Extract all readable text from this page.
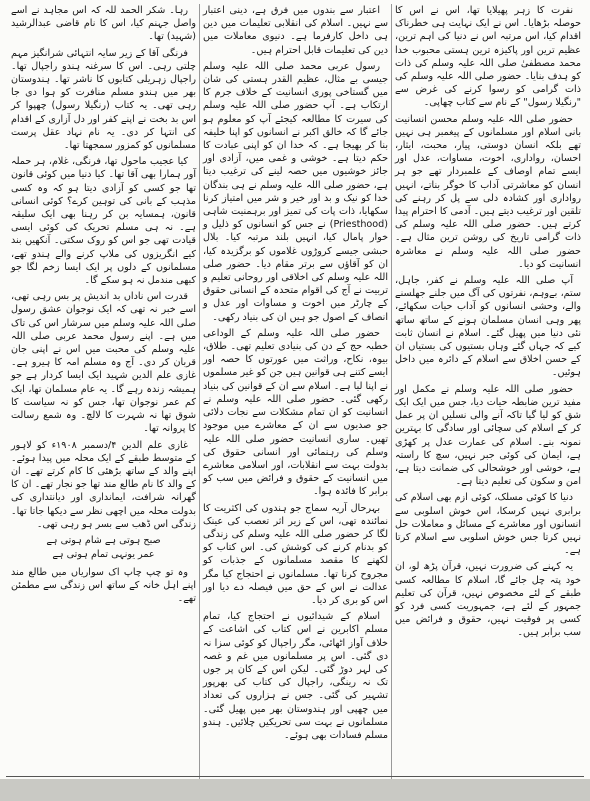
نفرت کا زہر پھیلایا تھا، اس نے اس کا حوصلہ بڑھایا۔ اس نے ایک نہایت ہی خطرناک اقدام کیا، اس مرتبہ اس نے دنیا کی اہم ترین، عظیم ترین اور پاکیزہ ترین ہستی محبوب خدا محمد مصطفیٰ صلی اللہ علیہ وسلم کی ذات کو ہدف بنایا۔ حضور صلی اللہ علیہ وسلم کی ذات گرامی کو رسوا کرنے کی غرض سے "رنگیلا رسول" کے نام سے کتاب چھاپی۔

حضور صلی اللہ علیہ وسلم محسن انسانیت بانی اسلام اور مسلمانوں کے پیغمبر ہی نہیں تھے بلکہ انسان دوستی، پیار، محبت، ایثار، احسان، رواداری، اخوت، مساوات، عدل اور ایسے تمام اوصاف کے علمبردار تھے جو ہر انسان کو معاشرتی آداب کا خوگر بناتے، انہیں رواداری اور کشادہ دلی سے پل کر رہنے کی تلقین اور ترغیب دیتے ہیں۔ آدمی کا احترام پیدا کرتے ہیں۔ حضور صلی اللہ علیہ وسلم کی ذات گرامی تاریخ کی روشن ترین مثال ہے۔ حضور صلی اللہ علیہ وسلم نے معاشرہ انسانیت کو دیا۔

آپ صلی اللہ علیہ وسلم نے کفر، جاہل، ستم، بےوہم، نفرتوں کی آگ میں جلنے جھلسنے والے، وحشی انسانوں کو آداب حیات سکھائے، پھر وہی انسان مسلمان ہونے کے ساتھ ساتھ نئی دنیا میں پھیل گئے۔ اسلام نے انسان ثابت کیے کہ جہاں گئے وہاں بستیوں کی بستیاں ان کے حسن اخلاق سے اسلام کے دائرہ میں داخل ہوئیں۔

حضور صلی اللہ علیہ وسلم نے مکمل اور مفید ترین ضابطہ حیات دیا، جس میں ایک ایک شق کو لیا گیا تاکہ آنے والی نسلیں ان پر عمل کر کے اسلام کی سچائی اور سادگی کا بہترین نمونہ بنے۔ اسلام کی عمارت عدل پر کھڑی ہے، ایمان کی کوئی جبر نہیں، سچ کا راستہ ہے، خوشی اور خوشحالی کی ضمانت دیتا ہے، امن و سکون کی تعلیم دیتا ہے۔

دنیا کا کوئی مسلک، کوئی ازم بھی اسلام کی برابری نہیں کرسکا، اس خوش اسلوبی سے انسانوں اور معاشرے کے مسائل و معاملات حل نہیں کرتا جس خوش اسلوبی سے اسلام کرتا ہے۔

یہ کہنے کی ضرورت نہیں، قرآن پڑھ لو، ان خود پتہ چل جائے گا، اسلام کا مطالعہ کسی طبقے کے لئے مخصوص نہیں، قرآن کی تعلیم جمہور کے لئے ہے، جمہوریت کسی فرد کو کسی پر فوقیت نہیں، حقوق و فرائض میں سب برابر ہیں۔

اعتبار سے بندوں میں فرق ہے، دینی اعتبار سے نہیں۔ اسلام کی انقلابی تعلیمات میں دین ہی داخل کارفرما ہے۔ دنیوی معاملات میں دین کی تعلیمات قابل احترام ہیں۔

رسول عربی محمد صلی اللہ علیہ وسلم جیسی بے مثال، عظیم القدر ہستی کی شان میں گستاخی پوری انسانیت کے خلاف جرم کا ارتکاب ہے۔ آپ حضور صلی اللہ علیہ وسلم کی سیرت کا مطالعہ کیجئے آپ کو معلوم ہو جائے گا کہ خالق اکبر نے انسانوں کو اپنا خلیفہ بنا کر بھیجا ہے۔ کہ خدا ان کو اپنی عبادت کا حکم دیتا ہے۔ خوشی و غمی میں، آزادی اور جائز خوشیوں میں حصہ لینے کی ترغیب دیتا ہے، حضور صلی اللہ علیہ وسلم نے ہی بندگان خدا کو نیک و بد اور خیر و شر میں امتیاز کرنا سکھایا، ذات پات کی تمیز اور برہمنیت شاہی (Priesthood) نے جس کو انسانوں کو ذلیل و خوار پامال کیا، انہیں بلند مرتبہ کیا۔ بلال حبشی جیسے کروڑوں غلاموں کو برگزیدہ کیا، ان کو آقاؤں سے برتر مقام دیا۔ حضور صلی اللہ علیہ وسلم کی اخلاقی اور روحانی تعلیم و تربیت نے آج کی اقوام متحدہ کے انسانی حقوق کے چارٹر میں اخوت و مساوات اور عدل و انصاف کے اصول جو ہیں ان کی بنیاد رکھی۔

حضور صلی اللہ علیہ وسلم کے الوداعی خطبہ حج کے دن کی بنیادی تعلیم تھی۔ طلاق، بیوہ، نکاح، وراثت میں عورتوں کا حصہ اور ایسے کتنے ہی قوانین ہیں جن کو غیر مسلموں نے اپنا لیا ہے۔ اسلام سے ان کے قوانین کی بنیاد رکھی گئی۔ حضور صلی اللہ علیہ وسلم نے انسانیت کو ان تمام مشکلات سے نجات دلائی جو صدیوں سے ان کے معاشرے میں موجود تھیں۔ ساری انسانیت حضور صلی اللہ علیہ وسلم کی رہنمائی اور انسانی حقوق کی بدولت بہت سے انقلابات، اور اسلامی معاشرے میں انسانیت کے حقوق و فرائض میں سب کو برابر کا فائدہ ہوا۔

بہرحال آریہ سماج جو ہندوں کی اکثریت کا نمائندہ تھی، اس کے زیر اثر تعصب کی عینک لگا کر حضور صلی اللہ علیہ وسلم کی زندگی کو بدنام کرنے کی کوشش کی۔ اس کتاب کو لکھنے کا مقصد مسلمانوں کے جذبات کو مجروح کرنا تھا۔ مسلمانوں نے احتجاج کیا مگر عدالت نے اس کے حق میں فیصلہ دے دیا اور اس کو بری کر دیا۔

اسلام کے شیدائیوں نے احتجاج کیا، تمام مسلم اکابرین نے اس کتاب کی اشاعت کے خلاف آواز اٹھائی، مگر راجپال کو کوئی سزا نہ دی گئی۔ اس پر مسلمانوں میں غم و غصہ کی لہر دوڑ گئی۔ لیکن اس کے کان پر جوں تک نہ رینگی، راجپال کی کتاب کی بھرپور تشہیر کی گئی۔ جس نے ہزاروں کی تعداد میں چھپی اور ہندوستان بھر میں پھیل گئی۔ مسلمانوں نے بہت سی تحریکیں چلائیں۔ ہندو مسلم فسادات بھی ہوئے۔

رہا۔ شکر الحمد للہ کہ اس مجاہد نے اسے واصل جہنم کیا، اس کا نام قاضی عبدالرشید (شہید) تھا۔

فرنگی آقا کے زیر سایہ انتہائی شرانگیز مہم چلتی رہی۔ اس کا سرغنہ ہندو راجپال تھا۔ راجپال زہریلی کتابوں کا ناشر تھا۔ ہندوستان بھر میں ہندو مسلم منافرت کو ہوا دی جا رہی تھی۔ یہ کتاب (رنگیلا رسول) چھپوا کر اس بد بخت نے اپنے کفر اور دل آزاری کے اقدام کی انتہا کر دی۔ یہ نام نہاد عقل پرست مسلمانوں کو کمزور سمجھتا تھا۔

کیا عجیب ماحول تھا، فرنگی، غلام، ہر حملہ آور ہمارا بھی آقا تھا۔ کیا دنیا میں کوئی قانون تھا جو کسی کو آزادی دیتا ہو کہ وہ کسی مذہب کے بانی کی توہین کرے؟ کوئی انسانی قانون، ہمسایہ بن کر رہنا بھی ایک سلیقہ ہے۔ نہ ہی مسلم تحریک کی کوئی ایسی قیادت تھی جو اس کو روک سکتی۔ آنکھیں بند کیے انگریزوں کی ملاپ کرنے والے ہندو تھے، مسلمانوں کے دلوں پر ایک ایسا زخم لگا جو کبھی مندمل نہ ہو سکے گا۔

قدرت اس ناداں بد اندیش پر بس رہی تھی، اسے خبر نہ تھی کہ ایک نوجوان عشق رسول صلی اللہ علیہ وسلم میں سرشار اس کی تاک میں ہے۔ اپنے رسول محمد عربی صلی اللہ علیہ وسلم کی محبت میں اس نے اپنی جان قربان کر دی۔ آج وہ مسلم امہ کا ہیرو ہے۔ غازی علم الدین شہید ایک ایسا کردار ہے جو ہمیشہ زندہ رہے گا۔ یہ عام مسلمان تھا، ایک کم عمر نوجوان تھا، جس کو نہ سیاست کا شوق تھا نہ شہرت کا لالچ۔ وہ شمع رسالت کا پروانہ تھا۔

غازی علم الدین ۴/دسمبر ۱۹۰۸ء کو لاہور کے متوسط طبقے کے ایک محلہ میں پیدا ہوئے۔ اپنے والد کے ساتھ بڑھئی کا کام کرتے تھے۔ ان کے والد کا نام طالع مند تھا جو نجار تھے۔ ان کا گھرانہ شرافت، ایمانداری اور دیانتداری کی بدولت محلہ میں اچھی نظر سے دیکھا جاتا تھا۔ زندگی اس ڈھب سے بسر ہو رہی تھی۔

صبح ہوتی ہے شام ہوتی ہے
عمر یونہی تمام ہوتی ہے

وہ تو چپ چاپ اک سواریاں میں طالع مند اپنے اہل خانہ کے ساتھ اس زندگی سے مطمئن تھے۔
